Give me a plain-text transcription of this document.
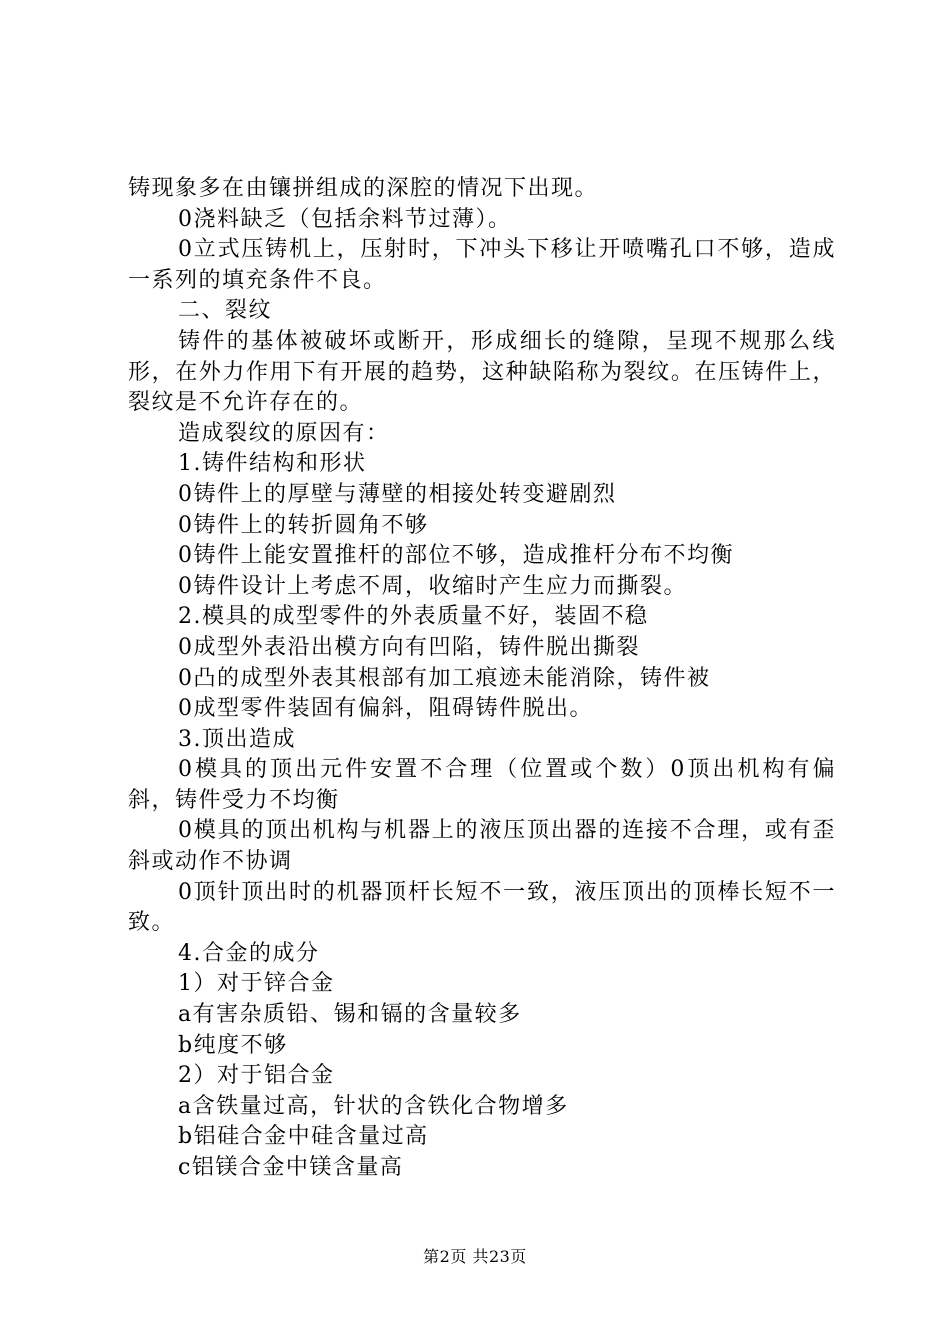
铸现象多在由镶拼组成的深腔的情况下出现。

0浇料缺乏（包括余料节过薄）。

0立式压铸机上，压射时，下冲头下移让开喷嘴孔口不够，造成一系列的填充条件不良。

二、裂纹

铸件的基体被破坏或断开，形成细长的缝隙，呈现不规那么线形，在外力作用下有开展的趋势，这种缺陷称为裂纹。在压铸件上，裂纹是不允许存在的。

造成裂纹的原因有：

1.铸件结构和形状

0铸件上的厚壁与薄壁的相接处转变避剧烈

0铸件上的转折圆角不够

0铸件上能安置推杆的部位不够，造成推杆分布不均衡

0铸件设计上考虑不周，收缩时产生应力而撕裂。

2.模具的成型零件的外表质量不好，装固不稳

0成型外表沿出模方向有凹陷，铸件脱出撕裂

0凸的成型外表其根部有加工痕迹未能消除，铸件被

0成型零件装固有偏斜，阻碍铸件脱出。

3.顶出造成

0模具的顶出元件安置不合理（位置或个数）0顶出机构有偏斜，铸件受力不均衡

0模具的顶出机构与机器上的液压顶出器的连接不合理，或有歪斜或动作不协调

0顶针顶出时的机器顶杆长短不一致，液压顶出的顶棒长短不一致。

4.合金的成分

1）对于锌合金

a有害杂质铅、锡和镉的含量较多

b纯度不够

2）对于铝合金

a含铁量过高，针状的含铁化合物增多

b铝硅合金中硅含量过高

c铝镁合金中镁含量高

第2页 共23页
